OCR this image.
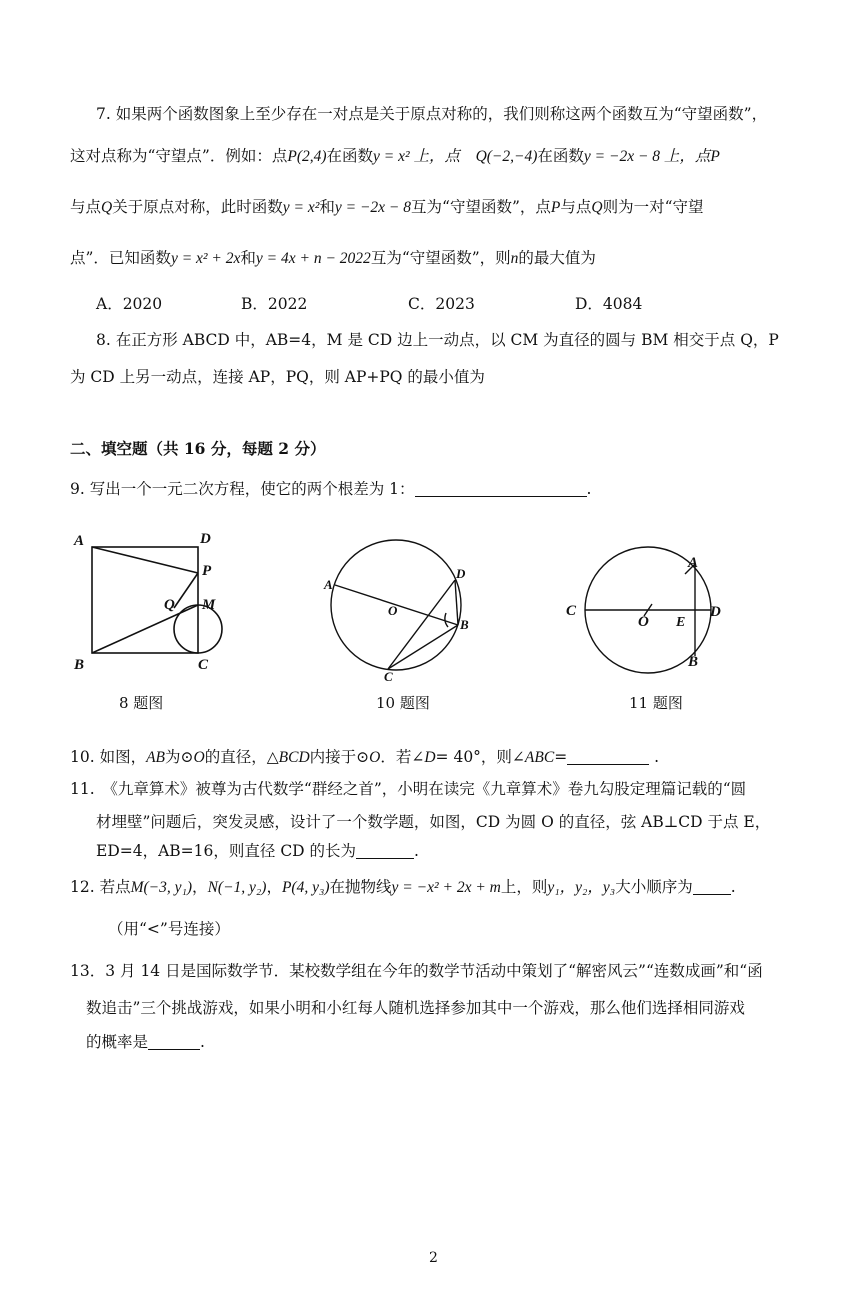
7. 如果两个函数图象上至少存在一对点是关于原点对称的，我们则称这两个函数互为“守望函数”，
这对点称为“守望点”．例如：点P(2,4)在函数y = x² 上，点　 Q(−2,−4)在函数y = −2x − 8 上，点P
与点Q关于原点对称，此时函数y = x²和y = −2x − 8互为“守望函数”，点P与点Q则为一对“守望
点”．已知函数y = x² + 2x和y = 4x + n − 2022互为“守望函数”，则n的最大值为
A．2020	B．2022	C．2023	D．4084
8. 在正方形 ABCD 中，AB=4，M 是 CD 边上一动点，以 CM 为直径的圆与 BM 相交于点 Q，P
为 CD 上另一动点，连接 AP，PQ，则 AP+PQ 的最小值为
二、填空题（共 16 分，每题 2 分）
9. 写出一个一元二次方程，使它的两个根差为 1：	.
A	D
P
Q M
B	C
8 题图
A
O
D
B
C
10 题图
C
O E
D
A
B
11 题图
10. 如图，AB为⊙O的直径，△BCD内接于⊙O．若∠D= 40°，则∠ABC=	.
11.　《九章算术》被尊为古代数学“群经之首”，小明在读完《九章算术》卷九勾股定理篇记载的“圆
材埋壁”问题后，突发灵感，设计了一个数学题，如图，CD 为圆 O 的直径，弦 AB⊥CD 于点 E，
ED=4，AB=16，则直径 CD 的长为	.
12. 若点M(−3, y₁)，N(−1, y₂)，P(4, y₃)在抛物线y = −x² + 2x + m上，则y₁，y₂，y₃大小顺序为 .
（用“<”号连接）
13．3 月 14 日是国际数学节．某校数学组在今年的数学节活动中策划了“解密风云”“连数成画”和“函
数追击”三个挑战游戏，如果小明和小红每人随机选择参加其中一个游戏，那么他们选择相同游戏
的概率是	.
2
